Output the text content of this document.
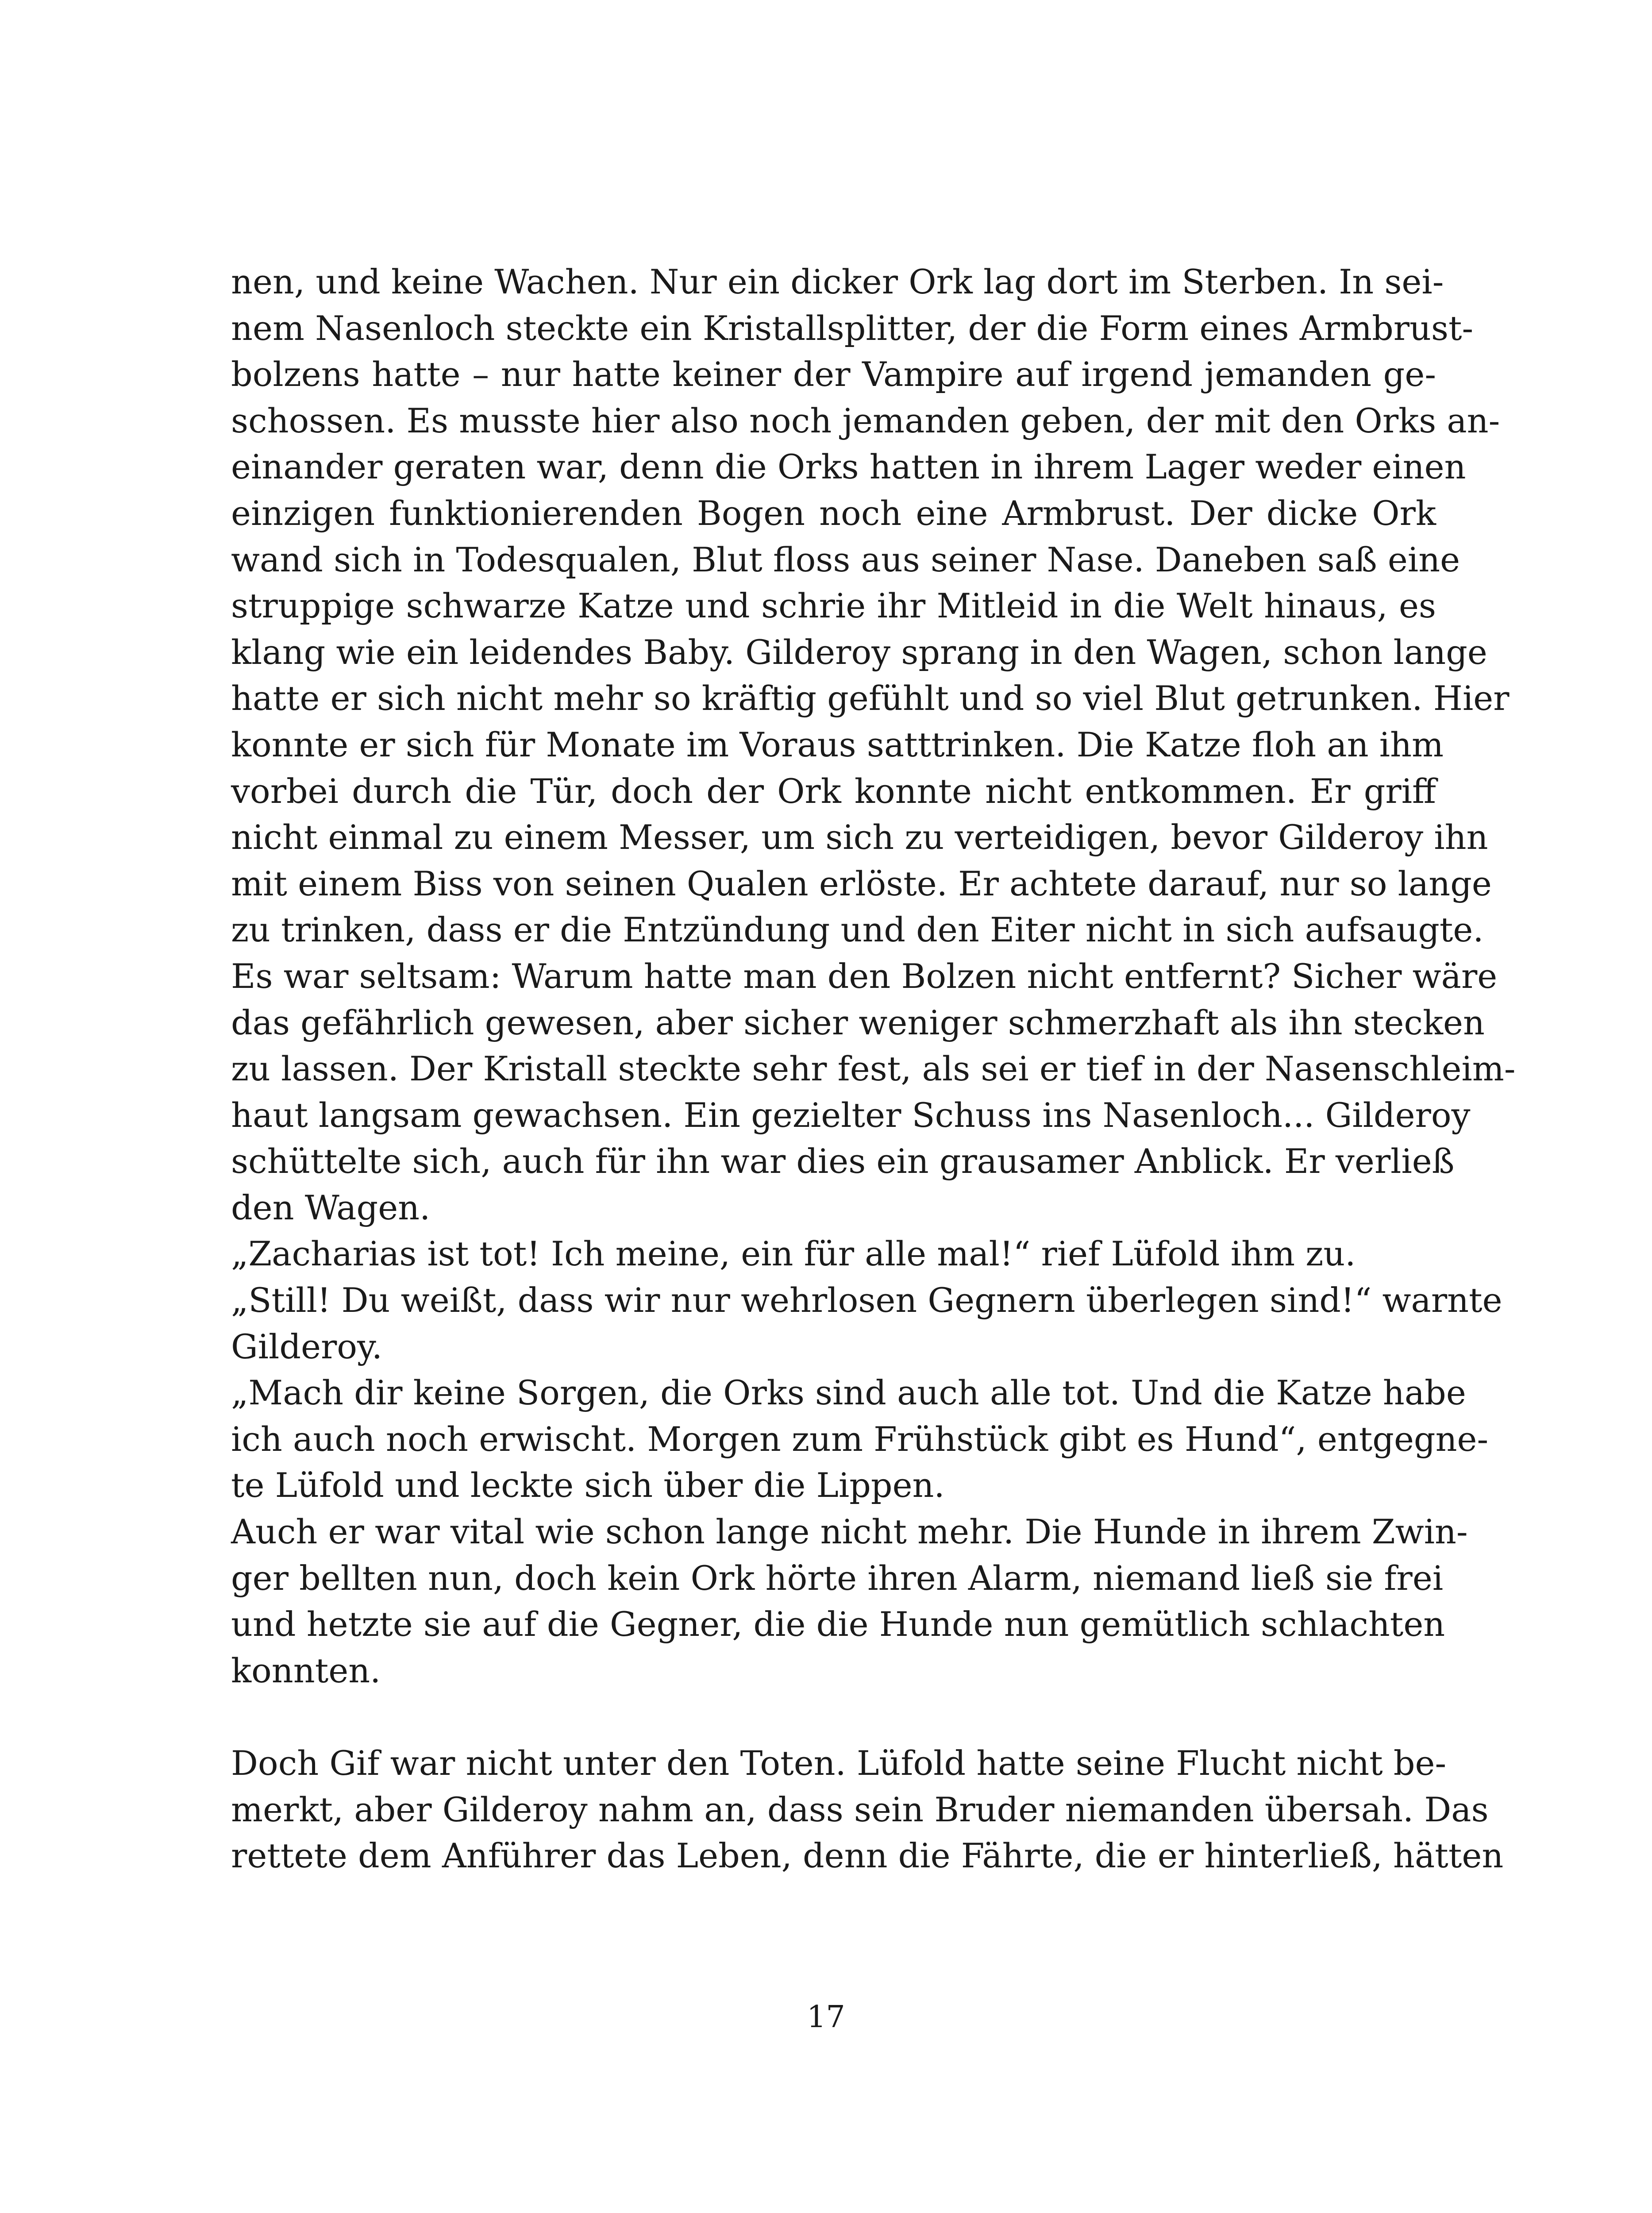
nen, und keine Wachen. Nur ein dicker Ork lag dort im Sterben. In sei-
nem Nasenloch steckte ein Kristallsplitter, der die Form eines Armbrust-
bolzens hatte – nur hatte keiner der Vampire auf irgend jemanden ge-
schossen. Es musste hier also noch jemanden geben, der mit den Orks an-
einander geraten war, denn die Orks hatten in ihrem Lager weder einen
einzigen funktionierenden Bogen noch eine Armbrust. Der dicke Ork
wand sich in Todesqualen, Blut floss aus seiner Nase. Daneben saß eine
struppige schwarze Katze und schrie ihr Mitleid in die Welt hinaus, es
klang wie ein leidendes Baby. Gilderoy sprang in den Wagen, schon lange
hatte er sich nicht mehr so kräftig gefühlt und so viel Blut getrunken. Hier
konnte er sich für Monate im Voraus satttrinken. Die Katze floh an ihm
vorbei durch die Tür, doch der Ork konnte nicht entkommen. Er griff
nicht einmal zu einem Messer, um sich zu verteidigen, bevor Gilderoy ihn
mit einem Biss von seinen Qualen erlöste. Er achtete darauf, nur so lange
zu trinken, dass er die Entzündung und den Eiter nicht in sich aufsaugte.
Es war seltsam: Warum hatte man den Bolzen nicht entfernt? Sicher wäre
das gefährlich gewesen, aber sicher weniger schmerzhaft als ihn stecken
zu lassen. Der Kristall steckte sehr fest, als sei er tief in der Nasenschleim-
haut langsam gewachsen. Ein gezielter Schuss ins Nasenloch... Gilderoy
schüttelte sich, auch für ihn war dies ein grausamer Anblick. Er verließ
den Wagen.
„Zacharias ist tot! Ich meine, ein für alle mal!“ rief Lüfold ihm zu.
„Still! Du weißt, dass wir nur wehrlosen Gegnern überlegen sind!“ warnte
Gilderoy.
„Mach dir keine Sorgen, die Orks sind auch alle tot. Und die Katze habe
ich auch noch erwischt. Morgen zum Frühstück gibt es Hund“, entgegne-
te Lüfold und leckte sich über die Lippen.
Auch er war vital wie schon lange nicht mehr. Die Hunde in ihrem Zwin-
ger bellten nun, doch kein Ork hörte ihren Alarm, niemand ließ sie frei
und hetzte sie auf die Gegner, die die Hunde nun gemütlich schlachten
konnten.
Doch Gif war nicht unter den Toten. Lüfold hatte seine Flucht nicht be-
merkt, aber Gilderoy nahm an, dass sein Bruder niemanden übersah. Das
rettete dem Anführer das Leben, denn die Fährte, die er hinterließ, hätten
17
